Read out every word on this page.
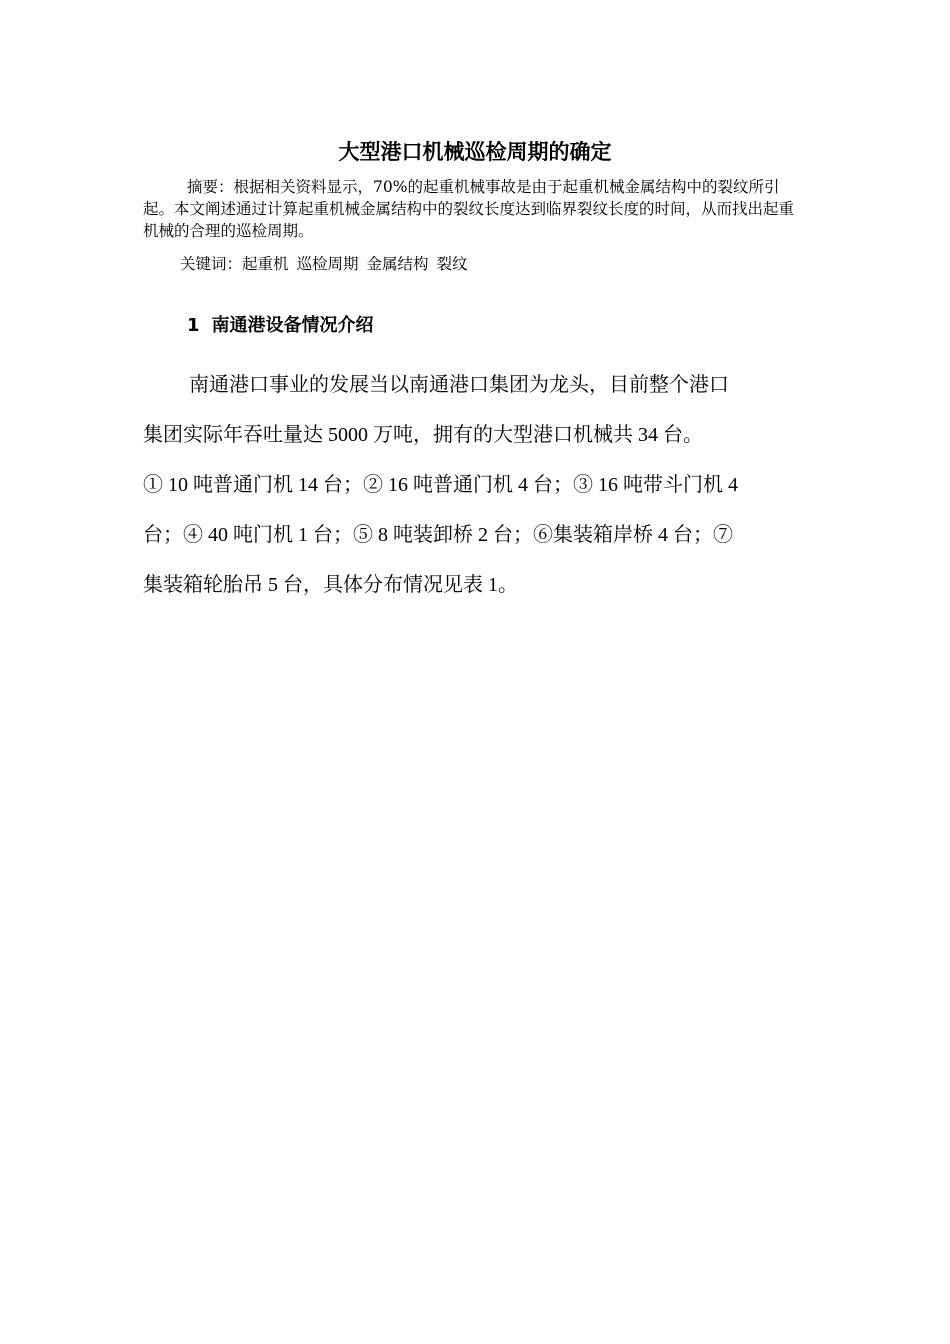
大型港口机械巡检周期的确定

摘要：根据相关资料显示，70%的起重机械事故是由于起重机械金属结构中的裂纹所引起。本文阐述通过计算起重机械金属结构中的裂纹长度达到临界裂纹长度的时间，从而找出起重机械的合理的巡检周期。

关键词：起重机 巡检周期 金属结构 裂纹

1 南通港设备情况介绍
南通港口事业的发展当以南通港口集团为龙头，目前整个港口
集团实际年吞吐量达 5000 万吨，拥有的大型港口机械共 34 台。
① 10 吨普通门机 14 台；② 16 吨普通门机 4 台；③ 16 吨带斗门机 4
台；④ 40 吨门机 1 台；⑤ 8 吨装卸桥 2 台；⑥集装箱岸桥 4 台；⑦
集装箱轮胎吊 5 台，具体分布情况见表 1。
